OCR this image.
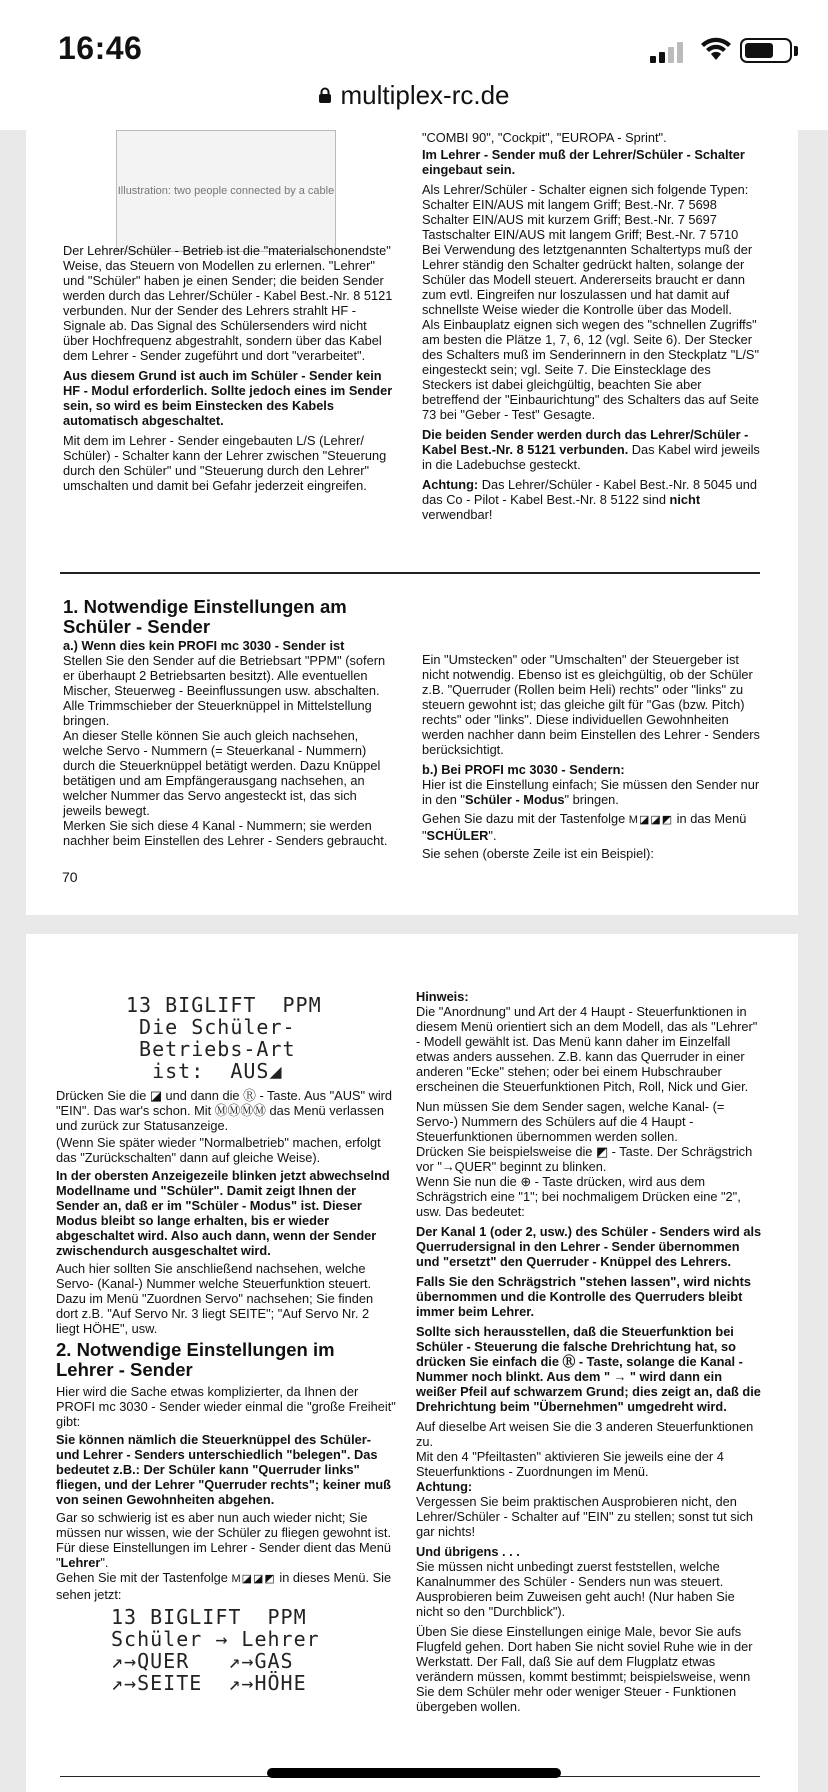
16:46
multiplex-rc.de
Illustration: two people connected by a cable

Der Lehrer/Schüler - Betrieb ist die "materialschonendste" Weise, das Steuern von Modellen zu erlernen. "Lehrer" und "Schüler" haben je einen Sender; die beiden Sender werden durch das Lehrer/Schüler - Kabel Best.-Nr. 8 5121 verbunden. Nur der Sender des Lehrers strahlt HF - Signale ab. Das Signal des Schülersenders wird nicht über Hochfrequenz abgestrahlt, sondern über das Kabel dem Lehrer - Sender zugeführt und dort "verarbeitet".

Aus diesem Grund ist auch im Schüler - Sender kein HF - Modul erforderlich. Sollte jedoch eines im Sender sein, so wird es beim Einstecken des Kabels automatisch abgeschaltet.

Mit dem im Lehrer - Sender eingebauten L/S (Lehrer/ Schüler) - Schalter kann der Lehrer zwischen "Steuerung durch den Schüler" und "Steuerung durch den Lehrer" umschalten und damit bei Gefahr jederzeit eingreifen.

"COMBI 90", "Cockpit", "EUROPA - Sprint".

Im Lehrer - Sender muß der Lehrer/Schüler - Schalter eingebaut sein.

Als Lehrer/Schüler - Schalter eignen sich folgende Typen:

Schalter EIN/AUS mit langem Griff; Best.-Nr. 7 5698
Schalter EIN/AUS mit kurzem Griff; Best.-Nr. 7 5697
Tastschalter EIN/AUS mit langem Griff; Best.-Nr. 7 5710

Bei Verwendung des letztgenannten Schaltertyps muß der Lehrer ständig den Schalter gedrückt halten, solange der Schüler das Modell steuert. Andererseits braucht er dann zum evtl. Eingreifen nur loszulassen und hat damit auf schnellste Weise wieder die Kontrolle über das Modell.

Als Einbauplatz eignen sich wegen des "schnellen Zugriffs" am besten die Plätze 1, 7, 6, 12 (vgl. Seite 6). Der Stecker des Schalters muß im Senderinnern in den Steckplatz "L/S" eingesteckt sein; vgl. Seite 7. Die Einstecklage des Steckers ist dabei gleichgültig, beachten Sie aber betreffend der "Einbaurichtung" des Schalters das auf Seite 73 bei "Geber - Test" Gesagte.

Die beiden Sender werden durch das Lehrer/Schüler - Kabel Best.-Nr. 8 5121 verbunden. Das Kabel wird jeweils in die Ladebuchse gesteckt.

Achtung: Das Lehrer/Schüler - Kabel Best.-Nr. 8 5045 und das Co - Pilot - Kabel Best.-Nr. 8 5122 sind nicht verwendbar!

1. Notwendige Einstellungen am Schüler - Sender

a.) Wenn dies kein PROFI mc 3030 - Sender ist

Stellen Sie den Sender auf die Betriebsart "PPM" (sofern er überhaupt 2 Betriebsarten besitzt). Alle eventuellen Mischer, Steuerweg - Beeinflussungen usw. abschalten.

Alle Trimmschieber der Steuerknüppel in Mittelstellung bringen.

An dieser Stelle können Sie auch gleich nachsehen, welche Servo - Nummern (= Steuerkanal - Nummern) durch die Steuerknüppel betätigt werden. Dazu Knüppel betätigen und am Empfängerausgang nachsehen, an welcher Nummer das Servo angesteckt ist, das sich jeweils bewegt.

Merken Sie sich diese 4 Kanal - Nummern; sie werden nachher beim Einstellen des Lehrer - Senders gebraucht.

Ein "Umstecken" oder "Umschalten" der Steuergeber ist nicht notwendig. Ebenso ist es gleichgültig, ob der Schüler z.B. "Querruder (Rollen beim Heli) rechts" oder "links" zu steuern gewohnt ist; das gleiche gilt für "Gas (bzw. Pitch) rechts" oder "links". Diese individuellen Gewohnheiten werden nachher dann beim Einstellen des Lehrer - Senders berücksichtigt.

b.) Bei PROFI mc 3030 - Sendern:

Hier ist die Einstellung einfach; Sie müssen den Sender nur in den "Schüler - Modus" bringen.

Gehen Sie dazu mit der Tastenfolge M◪◪◩ in das Menü "SCHÜLER".

Sie sehen (oberste Zeile ist ein Beispiel):

70
13 BIGLIFT  PPM
Die Schüler-
Betriebs-Art
ist:  AUS◢

Drücken Sie die ◪ und dann die Ⓡ - Taste. Aus "AUS" wird "EIN". Das war's schon. Mit ⓂⓂⓂⓂ das Menü verlassen und zurück zur Statusanzeige.

(Wenn Sie später wieder "Normalbetrieb" machen, erfolgt das "Zurückschalten" dann auf gleiche Weise).

In der obersten Anzeigezeile blinken jetzt abwechselnd Modellname und "Schüler". Damit zeigt Ihnen der Sender an, daß er im "Schüler - Modus" ist. Dieser Modus bleibt so lange erhalten, bis er wieder abgeschaltet wird. Also auch dann, wenn der Sender zwischendurch ausgeschaltet wird.

Auch hier sollten Sie anschließend nachsehen, welche Servo- (Kanal-) Nummer welche Steuerfunktion steuert. Dazu im Menü "Zuordnen Servo" nachsehen; Sie finden dort z.B. "Auf Servo Nr. 3 liegt SEITE"; "Auf Servo Nr. 2 liegt HÖHE", usw.

2. Notwendige Einstellungen im Lehrer - Sender

Hier wird die Sache etwas komplizierter, da Ihnen der PROFI mc 3030 - Sender wieder einmal die "große Freiheit" gibt:

Sie können nämlich die Steuerknüppel des Schüler- und Lehrer - Senders unterschiedlich "belegen". Das bedeutet z.B.: Der Schüler kann "Querruder links" fliegen, und der Lehrer "Querruder rechts"; keiner muß von seinen Gewohnheiten abgehen.

Gar so schwierig ist es aber nun auch wieder nicht; Sie müssen nur wissen, wie der Schüler zu fliegen gewohnt ist.

Für diese Einstellungen im Lehrer - Sender dient das Menü "Lehrer".

Gehen Sie mit der Tastenfolge M◪◪◩ in dieses Menü. Sie sehen jetzt:

13 BIGLIFT  PPM
Schüler → Lehrer
↗→QUER   ↗→GAS
↗→SEITE  ↗→HÖHE

Hinweis:

Die "Anordnung" und Art der 4 Haupt - Steuerfunktionen in diesem Menü orientiert sich an dem Modell, das als "Lehrer" - Modell gewählt ist. Das Menü kann daher im Einzelfall etwas anders aussehen. Z.B. kann das Querruder in einer anderen "Ecke" stehen; oder bei einem Hubschrauber erscheinen die Steuerfunktionen Pitch, Roll, Nick und Gier.

Nun müssen Sie dem Sender sagen, welche Kanal- (= Servo-) Nummern des Schülers auf die 4 Haupt - Steuerfunktionen übernommen werden sollen.

Drücken Sie beispielsweise die ◩ - Taste. Der Schrägstrich vor "→QUER" beginnt zu blinken.

Wenn Sie nun die ⊕ - Taste drücken, wird aus dem Schrägstrich eine "1"; bei nochmaligem Drücken eine "2", usw. Das bedeutet:

Der Kanal 1 (oder 2, usw.) des Schüler - Senders wird als Querrudersignal in den Lehrer - Sender übernommen und "ersetzt" den Querruder - Knüppel des Lehrers.

Falls Sie den Schrägstrich "stehen lassen", wird nichts übernommen und die Kontrolle des Querruders bleibt immer beim Lehrer.

Sollte sich herausstellen, daß die Steuerfunktion bei Schüler - Steuerung die falsche Drehrichtung hat, so drücken Sie einfach die Ⓡ - Taste, solange die Kanal - Nummer noch blinkt. Aus dem " → " wird dann ein weißer Pfeil auf schwarzem Grund; dies zeigt an, daß die Drehrichtung beim "Übernehmen" umgedreht wird.

Auf dieselbe Art weisen Sie die 3 anderen Steuerfunktionen zu.

Mit den 4 "Pfeiltasten" aktivieren Sie jeweils eine der 4 Steuerfunktions - Zuordnungen im Menü.

Achtung:

Vergessen Sie beim praktischen Ausprobieren nicht, den Lehrer/Schüler - Schalter auf "EIN" zu stellen; sonst tut sich gar nichts!

Und übrigens . . .

Sie müssen nicht unbedingt zuerst feststellen, welche Kanalnummer des Schüler - Senders nun was steuert. Ausprobieren beim Zuweisen geht auch! (Nur haben Sie nicht so den "Durchblick").

Üben Sie diese Einstellungen einige Male, bevor Sie aufs Flugfeld gehen. Dort haben Sie nicht soviel Ruhe wie in der Werkstatt. Der Fall, daß Sie auf dem Flugplatz etwas verändern müssen, kommt bestimmt; beispielsweise, wenn Sie dem Schüler mehr oder weniger Steuer - Funktionen übergeben wollen.
